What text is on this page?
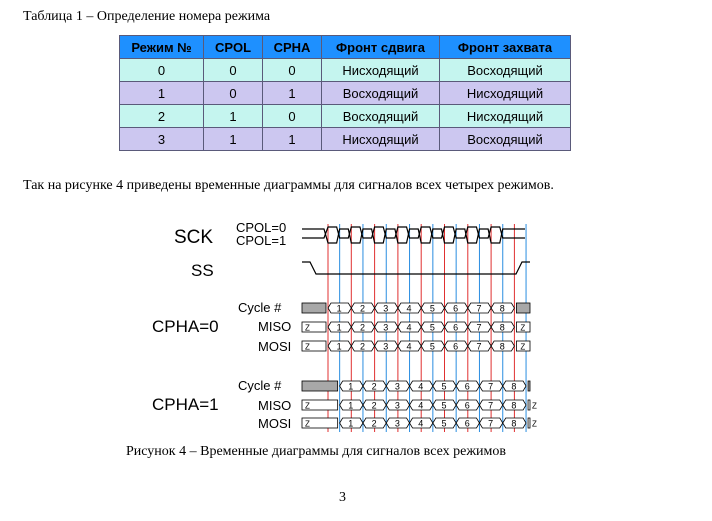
Таблица 1 – Определение номера режима
Режим №	CPOL	CPHA	Фронт сдвига	Фронт захвата
0	0	0	Нисходящий	Восходящий
1	0	1	Восходящий	Нисходящий
2	1	0	Восходящий	Нисходящий
3	1	1	Нисходящий	Восходящий
Так на рисунке 4 приведены временные диаграммы для сигналов всех четырех режимов.
SCK CPOL=0
CPOL=1
SS
CPHA=0
Cycle #
MISO
MOSI
CPHA=1
Cycle #
MISO
MOSI
1 2 3 4 5 6 7 8
Z	1 2 3 4 5 6 7 8 Z
Z	1 2 3 4 5 6 7 8 Z
1 2 3 4 5 6 7 8
Z	1 2 3 4 5 6 7 8 Z
Z	1 2 3 4 5 6 7 8 Z
Рисунок 4 – Временные диаграммы для сигналов всех режимов
3
